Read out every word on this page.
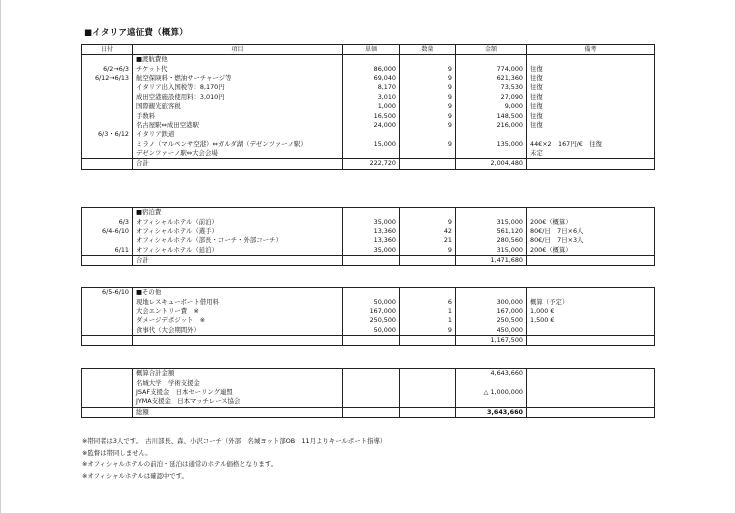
■イタリア遠征費（概算）
日付	項目	単価	数量	金額	備考
	■渡航費他				
6/2→6/3	チケット代	86,000	9	774,000	往復
6/12→6/13	航空保険料・燃油サーチャージ等	69,040	9	621,360	往復
	イタリア出入国税等：8,170円	8,170	9	73,530	往復
	成田空港施設使用料：3,010円	3,010	9	27,090	往復
	国際観光旅客税	1,000	9	9,000	往復
	手数料	16,500	9	148,500	往復
	名古屋駅⇔成田空港駅	24,000	9	216,000	往復
6/3・6/12	イタリア鉄道				
	ミラノ（マルペンサ空港）⇔ガルダ湖（デゼンツァーノ駅）	15,000	9	135,000	44€×2　167円/€　往復
	デゼンツァーノ駅⇔大会会場				未定
	合計	222,720		2,004,480	
	■宿泊費				
6/3	オフィシャルホテル（前泊）	35,000	9	315,000	200€（概算）
6/4-6/10	オフィシャルホテル（選手）	13,360	42	561,120	80€/日　7日×6人
	オフィシャルホテル（部長・コーチ・外部コーチ）	13,360	21	280,560	80€/日　7日×3人
6/11	オフィシャルホテル（延泊）	35,000	9	315,000	200€（概算）
	合計			1,471,680	
6/5-6/10	■その他				
	現地レスキューボート借用料	50,000	6	300,000	概算（予定）
	大会エントリー費　※	167,000	1	167,000	1,000 €
	ダメージデポジット　※	250,500	1	250,500	1,500 €
	食事代（大会期間外）	50,000	9	450,000	
				1,167,500	
	概算合計金額			4,643,660	
	名城大学　学術支援金				
	JSAF支援金　日本セーリング連盟			△ 1,000,000	
	JYMA支援金　日本マッチレース協会				
	総額			3,643,660	
※帯同者は3人です。　古川部長、森、小沢コーチ（外部　名城ヨット部OB　11月よりキールボート指導）
※監督は帯同しません。
※オフィシャルホテルの前泊・延泊は通常のホテル価格となります。
※オフィシャルホテルは確認中です。
